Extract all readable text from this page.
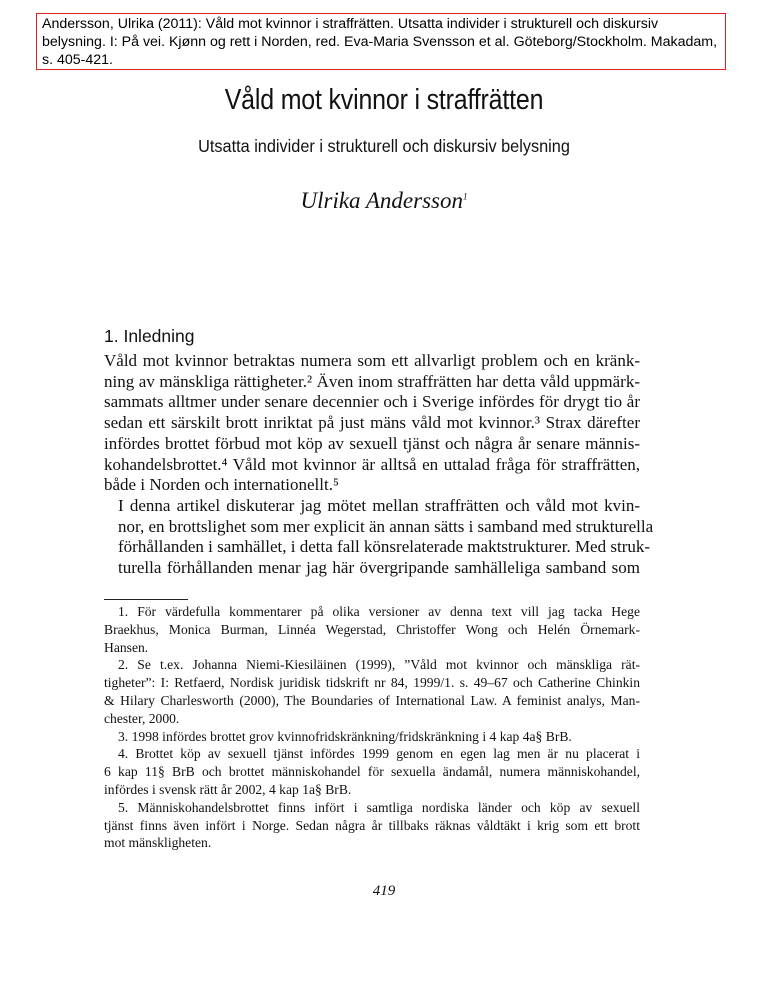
Andersson, Ulrika (2011): Våld mot kvinnor i straffrätten. Utsatta individer i strukturell och diskursiv belysning. I: På vei. Kjønn og rett i Norden, red. Eva-Maria Svensson et al. Göteborg/Stockholm. Makadam, s. 405-421.
Våld mot kvinnor i straffrätten
Utsatta individer i strukturell och diskursiv belysning
Ulrika Andersson$^1$
1. Inledning
Våld mot kvinnor betraktas numera som ett allvarligt problem och en kränk-
ning av mänskliga rättigheter.² Även inom straffrätten har detta våld uppmärk-
sammats alltmer under senare decennier och i Sverige infördes för drygt tio år
sedan ett särskilt brott inriktat på just mäns våld mot kvinnor.³ Strax därefter
infördes brottet förbud mot köp av sexuell tjänst och några år senare männis-
kohandelsbrottet.⁴ Våld mot kvinnor är alltså en uttalad fråga för straffrätten,
både i Norden och internationellt.⁵
I denna artikel diskuterar jag mötet mellan straffrätten och våld mot kvin-
nor, en brottslighet som mer explicit än annan sätts i samband med strukturella
förhållanden i samhället, i detta fall könsrelaterade maktstrukturer. Med struk-
turella förhållanden menar jag här övergripande samhälleliga samband som
1. För värdefulla kommentarer på olika versioner av denna text vill jag tacka Hege
Braekhus, Monica Burman, Linnéa Wegerstad, Christoffer Wong och Helén Örnemark-
Hansen.
2. Se t.ex. Johanna Niemi-Kiesiläinen (1999), ”Våld mot kvinnor och mänskliga rät-
tigheter”: I: Retfaerd, Nordisk juridisk tidskrift nr 84, 1999/1. s. 49–67 och Catherine Chinkin
& Hilary Charlesworth (2000), The Boundaries of International Law. A feminist analys, Man-
chester, 2000.
3. 1998 infördes brottet grov kvinnofridskränkning/fridskränkning i 4 kap 4a§ BrB.
4. Brottet köp av sexuell tjänst infördes 1999 genom en egen lag men är nu placerat i
6 kap 11§ BrB och brottet människohandel för sexuella ändamål, numera människohandel,
infördes i svensk rätt år 2002, 4 kap 1a§ BrB.
5. Människohandelsbrottet finns infört i samtliga nordiska länder och köp av sexuell
tjänst finns även infört i Norge. Sedan några år tillbaks räknas våldtäkt i krig som ett brott
mot mänskligheten.
419
